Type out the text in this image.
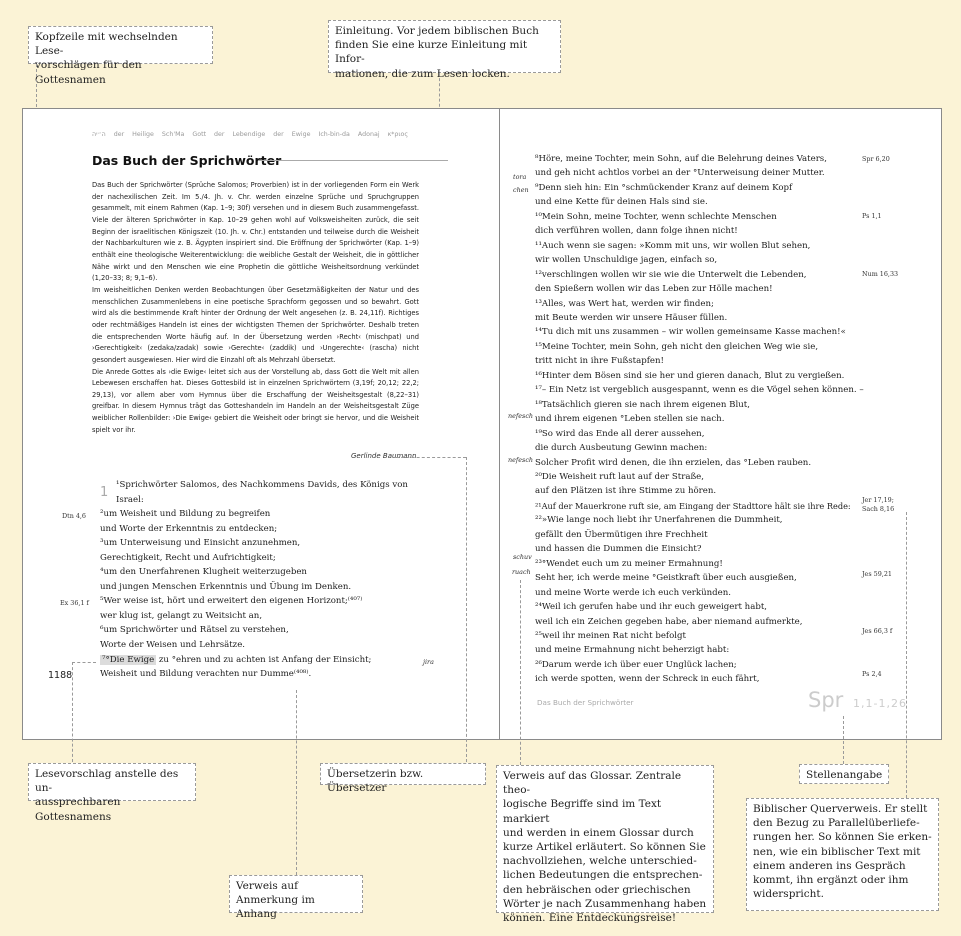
Kopfzeile mit wechselnden Lese-
vorschlägen für den Gottesnamen
Einleitung. Vor jedem biblischen Buch
finden Sie eine kurze Einleitung mit Infor-
mationen, die zum Lesen locken.
ה״יה der Heilige Sch'Ma Gott der Lebendige der Ewige Ich-bin-da Adonaj κ*ριος
Das Buch der Sprichwörter

Das Buch der Sprichwörter (Sprüche Salomos; Proverbien) ist in der vorliegenden Form ein Werk der nachexilischen Zeit. Im 5./4. Jh. v. Chr. werden einzelne Sprüche und Spruchgruppen gesammelt, mit einem Rahmen (Kap. 1–9; 30f) versehen und in diesem Buch zusammengefasst. Viele der älteren Sprichwörter in Kap. 10–29 gehen wohl auf Volksweisheiten zurück, die seit Beginn der israelitischen Königszeit (10. Jh. v. Chr.) entstanden und teilweise durch die Weisheit der Nachbarkulturen wie z. B. Ägypten inspiriert sind. Die Eröffnung der Sprichwörter (Kap. 1–9) enthält eine theologische Weiterentwicklung: die weibliche Gestalt der Weisheit, die in göttlicher Nähe wirkt und den Menschen wie eine Prophetin die göttliche Weisheitsordnung verkündet (1,20–33; 8; 9,1–6).

Im weisheitlichen Denken werden Beobachtungen über Gesetzmäßigkeiten der Natur und des menschlichen Zusammenlebens in eine poetische Sprachform gegossen und so bewahrt. Gott wird als die bestimmende Kraft hinter der Ordnung der Welt angesehen (z. B. 24,11f). Richtiges oder rechtmäßiges Handeln ist eines der wichtigsten Themen der Sprichwörter. Deshalb treten die entsprechenden Worte häufig auf. In der Übersetzung werden ›Recht‹ (mischpat) und ›Gerechtigkeit‹ (zedaka/zadak) sowie ›Gerechte‹ (zaddik) und ›Ungerechte‹ (rascha) nicht gesondert ausgewiesen. Hier wird die Einzahl oft als Mehrzahl übersetzt.

Die Anrede Gottes als ›die Ewige‹ leitet sich aus der Vorstellung ab, dass Gott die Welt mit allen Lebewesen erschaffen hat. Dieses Gottesbild ist in einzelnen Sprichwörtern (3,19f; 20,12; 22,2; 29,13), vor allem aber vom Hymnus über die Erschaffung der Weisheitsgestalt (8,22–31) greifbar. In diesem Hymnus trägt das Gotteshandeln im Handeln an der Weisheitsgestalt Züge weiblicher Rollenbilder: ›Die Ewige‹ gebiert die Weisheit oder bringt sie hervor, und die Weisheit spielt vor ihr.

Gerlinde Baumann
1 ¹Sprichwörter Salomos, des Nachkommens Davids, des Königs von
Israel:
²um Weisheit und Bildung zu begreifen
und Worte der Erkenntnis zu entdecken;
³um Unterweisung und Einsicht anzunehmen,
Gerechtigkeit, Recht und Aufrichtigkeit;
⁴um den Unerfahrenen Klugheit weiterzugeben
und jungen Menschen Erkenntnis und Übung im Denken.
⁵Wer weise ist, hört und erweitert den eigenen Horizont;⁽⁴⁰⁷⁾
wer klug ist, gelangt zu Weitsicht an,
⁶um Sprichwörter und Rätsel zu verstehen,
Worte der Weisen und Lehrsätze.
⁷°Die Ewige zu °ehren und zu achten ist Anfang der Einsicht;
Weisheit und Bildung verachten nur Dumme⁽⁴⁰⁸⁾.
Dtn 4,6
Ex 36,1 f
jira
1188
⁸Höre, meine Tochter, mein Sohn, auf die Belehrung deines Vaters,
und geh nicht achtlos vorbei an der °Unterweisung deiner Mutter.
⁹Denn sieh hin: Ein °schmückender Kranz auf deinem Kopf
und eine Kette für deinen Hals sind sie.
¹⁰Mein Sohn, meine Tochter, wenn schlechte Menschen
dich verführen wollen, dann folge ihnen nicht!
¹¹Auch wenn sie sagen: »Komm mit uns, wir wollen Blut sehen,
wir wollen Unschuldige jagen, einfach so,
¹²verschlingen wollen wir sie wie die Unterwelt die Lebenden,
den Spießern wollen wir das Leben zur Hölle machen!
¹³Alles, was Wert hat, werden wir finden;
mit Beute werden wir unsere Häuser füllen.
¹⁴Tu dich mit uns zusammen – wir wollen gemeinsame Kasse machen!«
¹⁵Meine Tochter, mein Sohn, geh nicht den gleichen Weg wie sie,
tritt nicht in ihre Fußstapfen!
¹⁶Hinter dem Bösen sind sie her und gieren danach, Blut zu vergießen.
¹⁷– Ein Netz ist vergeblich ausgespannt, wenn es die Vögel sehen können. –
¹⁸Tatsächlich gieren sie nach ihrem eigenen Blut,
und ihrem eigenen °Leben stellen sie nach.
¹⁹So wird das Ende all derer aussehen,
die durch Ausbeutung Gewinn machen:
Solcher Profit wird denen, die ihn erzielen, das °Leben rauben.
²⁰Die Weisheit ruft laut auf der Straße,
auf den Plätzen ist ihre Stimme zu hören.
²¹Auf der Mauerkrone ruft sie, am Eingang der Stadttore hält sie ihre Rede:
²²»Wie lange noch liebt ihr Unerfahrenen die Dummheit,
gefällt den Übermütigen ihre Frechheit
und hassen die Dummen die Einsicht?
²³°Wendet euch um zu meiner Ermahnung!
Seht her, ich werde meine °Geistkraft über euch ausgießen,
und meine Worte werde ich euch verkünden.
²⁴Weil ich gerufen habe und ihr euch geweigert habt,
weil ich ein Zeichen gegeben habe, aber niemand aufmerkte,
²⁵weil ihr meinen Rat nicht befolgt
und meine Ermahnung nicht beherzigt habt:
²⁶Darum werde ich über euer Unglück lachen;
ich werde spotten, wenn der Schreck in euch fährt,
tora
chen
nefesch
nefesch
schuv
ruach
Spr 6,20
Ps 1,1
Num 16,33
Jer 17,19;
Sach 8,16
Jes 59,21
Jes 66,3 f
Ps 2,4
Das Buch der Sprichwörter	Spr 1,1-1,26
Lesevorschlag anstelle des un-
aussprechbaren Gottesnamens
Übersetzerin bzw. Übersetzer
Verweis auf
Anmerkung im Anhang
Verweis auf das Glossar. Zentrale theo-
logische Begriffe sind im Text markiert
und werden in einem Glossar durch
kurze Artikel erläutert. So können Sie
nachvollziehen, welche unterschied-
lichen Bedeutungen die entsprechen-
den hebräischen oder griechischen
Wörter je nach Zusammenhang haben
können. Eine Entdeckungsreise!
Stellenangabe
Biblischer Querverweis. Er stellt
den Bezug zu Parallelüberliefe-
rungen her. So können Sie erken-
nen, wie ein biblischer Text mit
einem anderen ins Gespräch
kommt, ihn ergänzt oder ihm
widerspricht.
